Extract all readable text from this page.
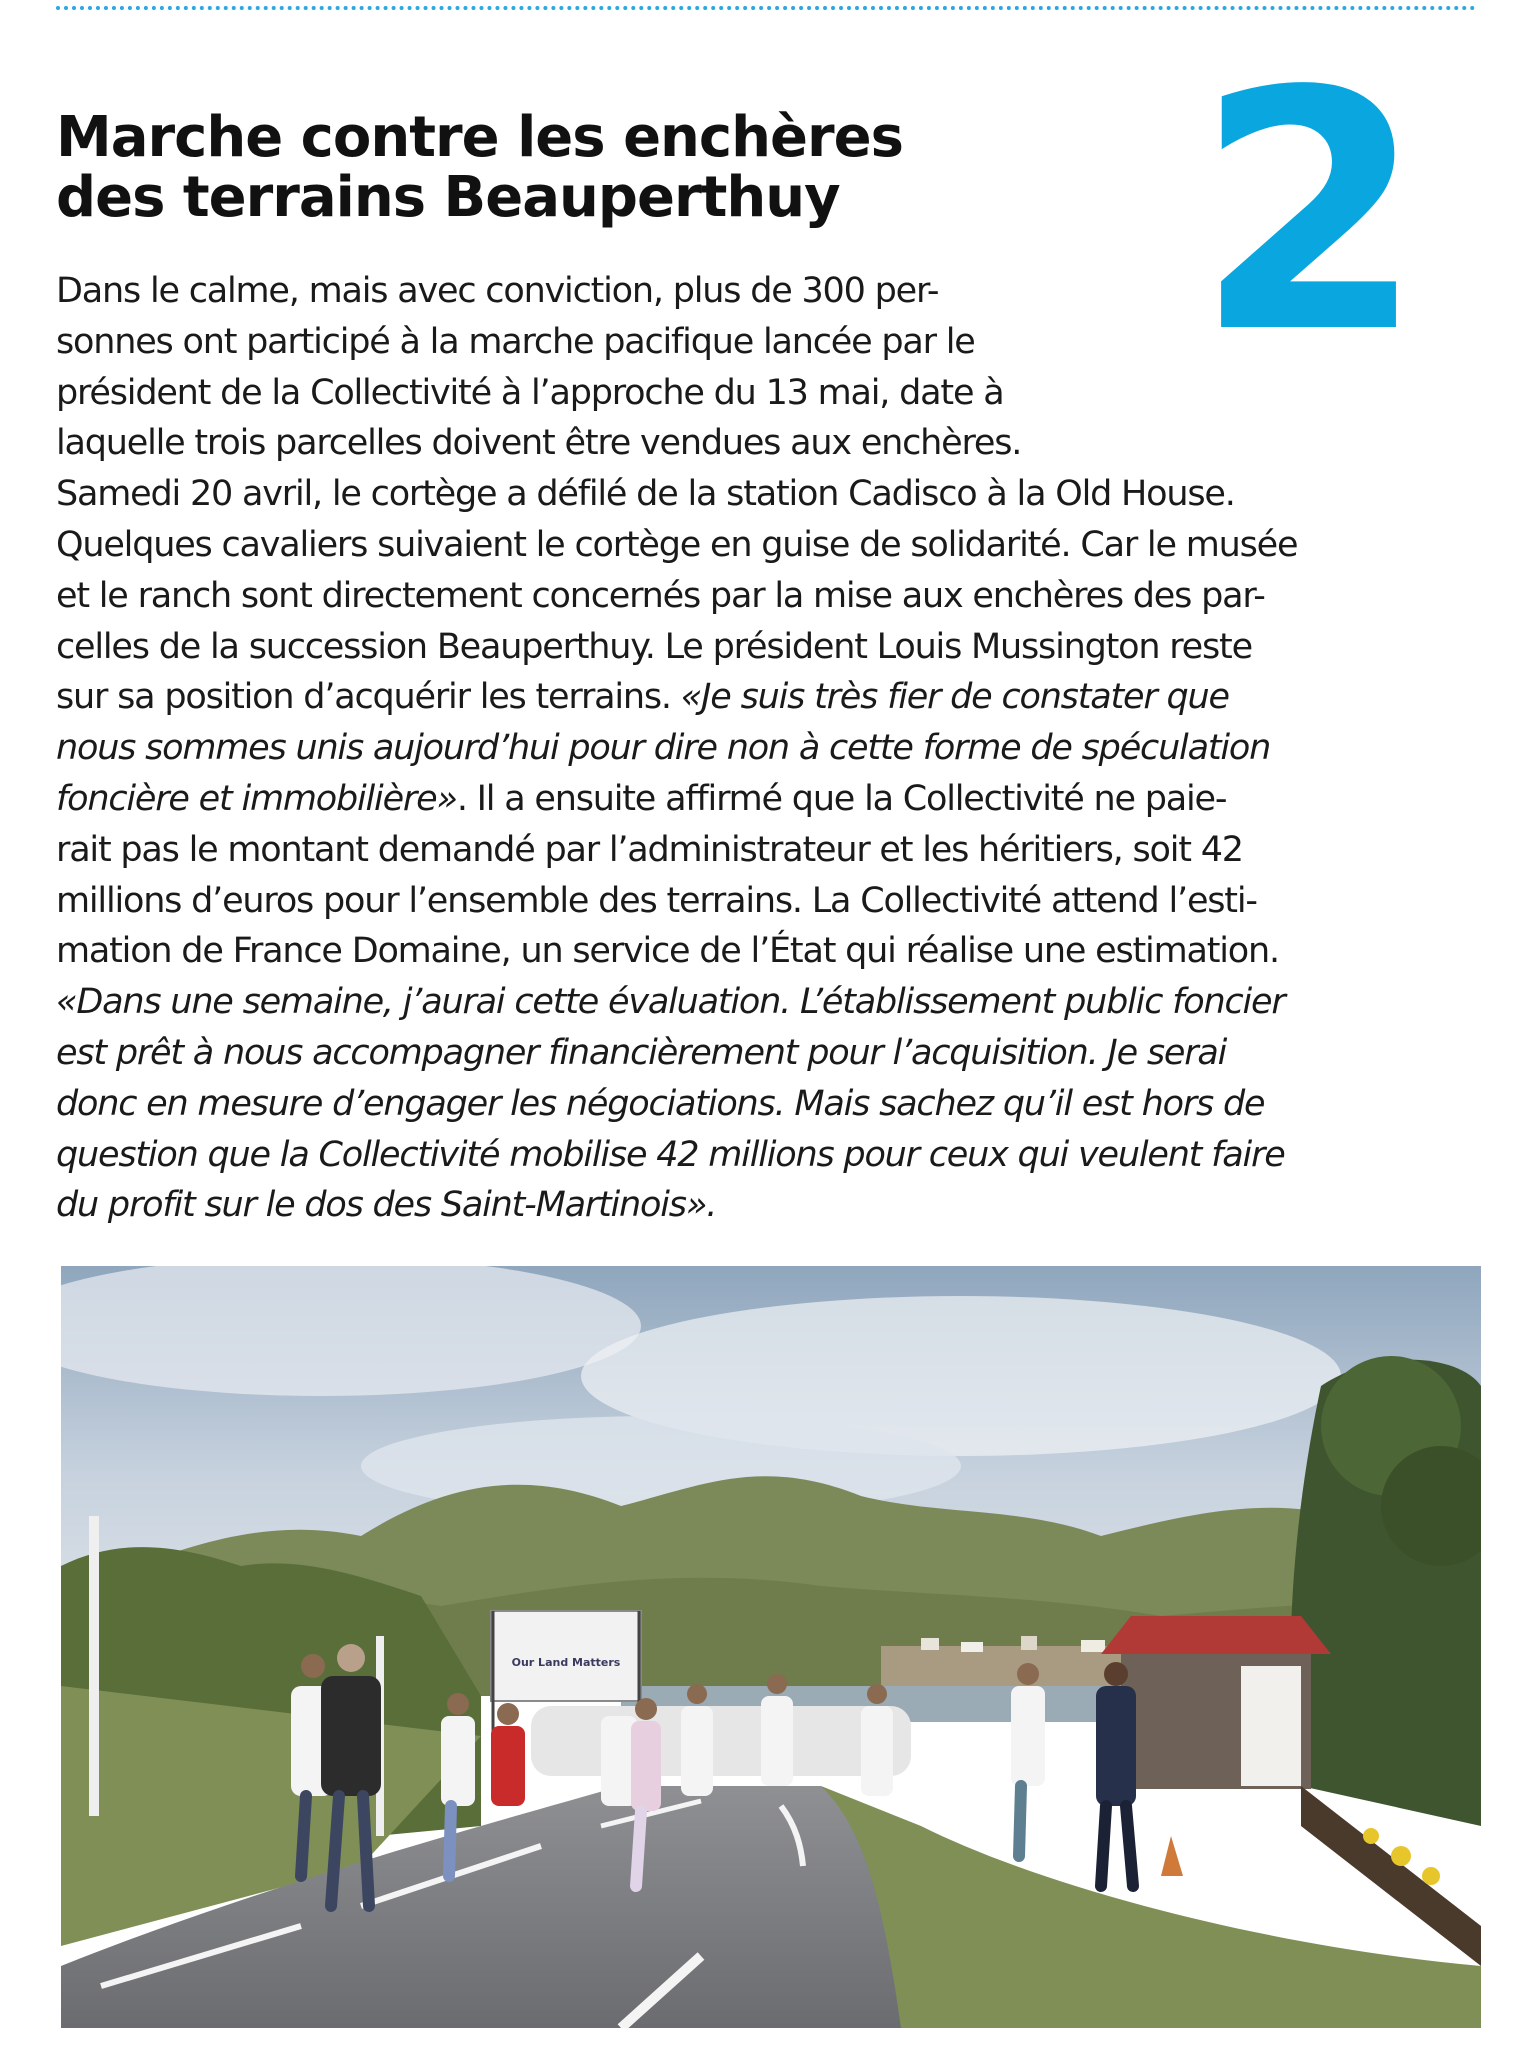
2
Marche contre les enchères
des terrains Beauperthuy
Dans le calme, mais avec conviction, plus de 300 per-
sonnes ont participé à la marche pacifique lancée par le
président de la Collectivité à l’approche du 13 mai, date à
laquelle trois parcelles doivent être vendues aux enchères.
Samedi 20 avril, le cortège a défilé de la station Cadisco à la Old House.
Quelques cavaliers suivaient le cortège en guise de solidarité. Car le musée
et le ranch sont directement concernés par la mise aux enchères des par-
celles de la succession Beauperthuy. Le président Louis Mussington reste
sur sa position d’acquérir les terrains. «Je suis très fier de constater que
nous sommes unis aujourd’hui pour dire non à cette forme de spéculation
foncière et immobilière». Il a ensuite affirmé que la Collectivité ne paie-
rait pas le montant demandé par l’administrateur et les héritiers, soit 42
millions d’euros pour l’ensemble des terrains. La Collectivité attend l’esti-
mation de France Domaine, un service de l’État qui réalise une estimation.
«Dans une semaine, j’aurai cette évaluation. L’établissement public foncier
est prêt à nous accompagner financièrement pour l’acquisition. Je serai
donc en mesure d’engager les négociations. Mais sachez qu’il est hors de
question que la Collectivité mobilise 42 millions pour ceux qui veulent faire
du profit sur le dos des Saint-Martinois».
Our Land Matters
